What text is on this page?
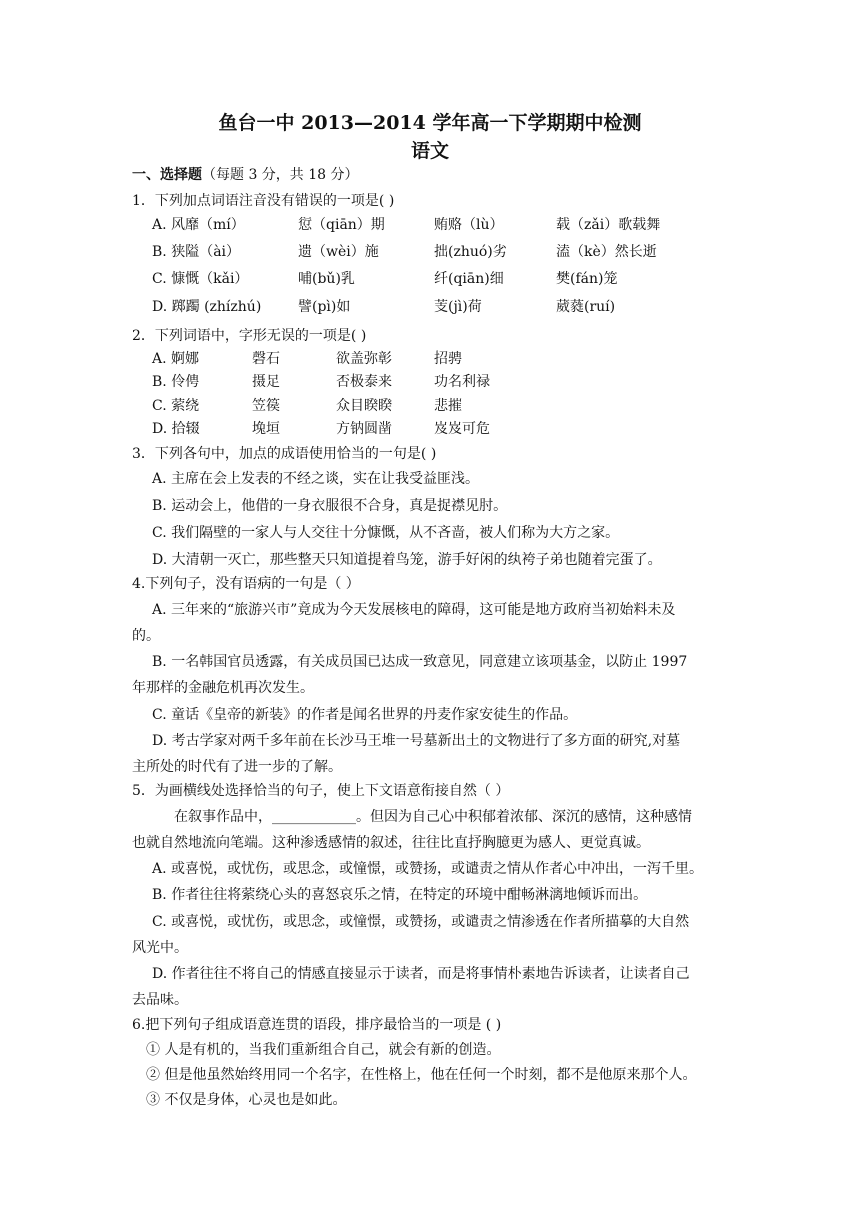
鱼台一中 2013—2014 学年高一下学期期中检测
语文
一、选择题（每题 3 分，共 18 分）
1．下列加点词语注音没有错误的一项是( )
A. 风靡（mí）	愆（qiān）期	贿赂（lù）	载（zǎi）歌载舞
B. 狭隘（ài）	遗（wèi）施	拙(zhuó)劣	溘（kè）然长逝
C. 慷慨（kǎi）	哺(bǔ)乳	纤(qiān)细	樊(fán)笼
D. 踯躅 (zhízhú)	譬(pì)如	芰(jì)荷	葳蕤(ruí)
2．下列词语中，字形无误的一项是( )
A. 婀娜	磬石	欲盖弥彰	招骋
B. 伶俜	摄足	否极泰来	功名利禄
C. 萦绕	笠篌	众目睽睽	悲摧
D. 拾辍	堍垣	方钠圆凿	岌岌可危
3．下列各句中，加点的成语使用恰当的一句是( )
A. 主席在会上发表的不经之谈，实在让我受益匪浅。
B. 运动会上，他借的一身衣服很不合身，真是捉襟见肘。
C. 我们隔壁的一家人与人交往十分慷慨，从不吝啬，被人们称为大方之家。
D. 大清朝一灭亡，那些整天只知道提着鸟笼，游手好闲的纨袴子弟也随着完蛋了。
4.下列句子，没有语病的一句是（ ）
A. 三年来的“旅游兴市”竟成为今天发展核电的障碍，这可能是地方政府当初始料未及
的。
B. 一名韩国官员透露，有关成员国已达成一致意见，同意建立该项基金，以防止 1997
年那样的金融危机再次发生。
C. 童话《皇帝的新装》的作者是闻名世界的丹麦作家安徒生的作品。
D. 考古学家对两千多年前在长沙马王堆一号墓新出土的文物进行了多方面的研究,对墓
主所处的时代有了进一步的了解。
5．为画横线处选择恰当的句子，使上下文语意衔接自然（ ）
在叙事作品中，____________。但因为自己心中积郁着浓郁、深沉的感情，这种感情
也就自然地流向笔端。这种渗透感情的叙述，往往比直抒胸臆更为感人、更觉真诚。
A. 或喜悦，或忧伤，或思念，或憧憬，或赞扬，或谴责之情从作者心中冲出，一泻千里。
B. 作者往往将萦绕心头的喜怒哀乐之情，在特定的环境中酣畅淋漓地倾诉而出。
C. 或喜悦，或忧伤，或思念，或憧憬，或赞扬，或谴责之情渗透在作者所描摹的大自然
风光中。
D. 作者往往不将自己的情感直接显示于读者，而是将事情朴素地告诉读者，让读者自己
去品味。
6.把下列句子组成语意连贯的语段，排序最恰当的一项是 ( )
① 人是有机的，当我们重新组合自己，就会有新的创造。
② 但是他虽然始终用同一个名字，在性格上，他在任何一个时刻，都不是他原来那个人。
③ 不仅是身体，心灵也是如此。
